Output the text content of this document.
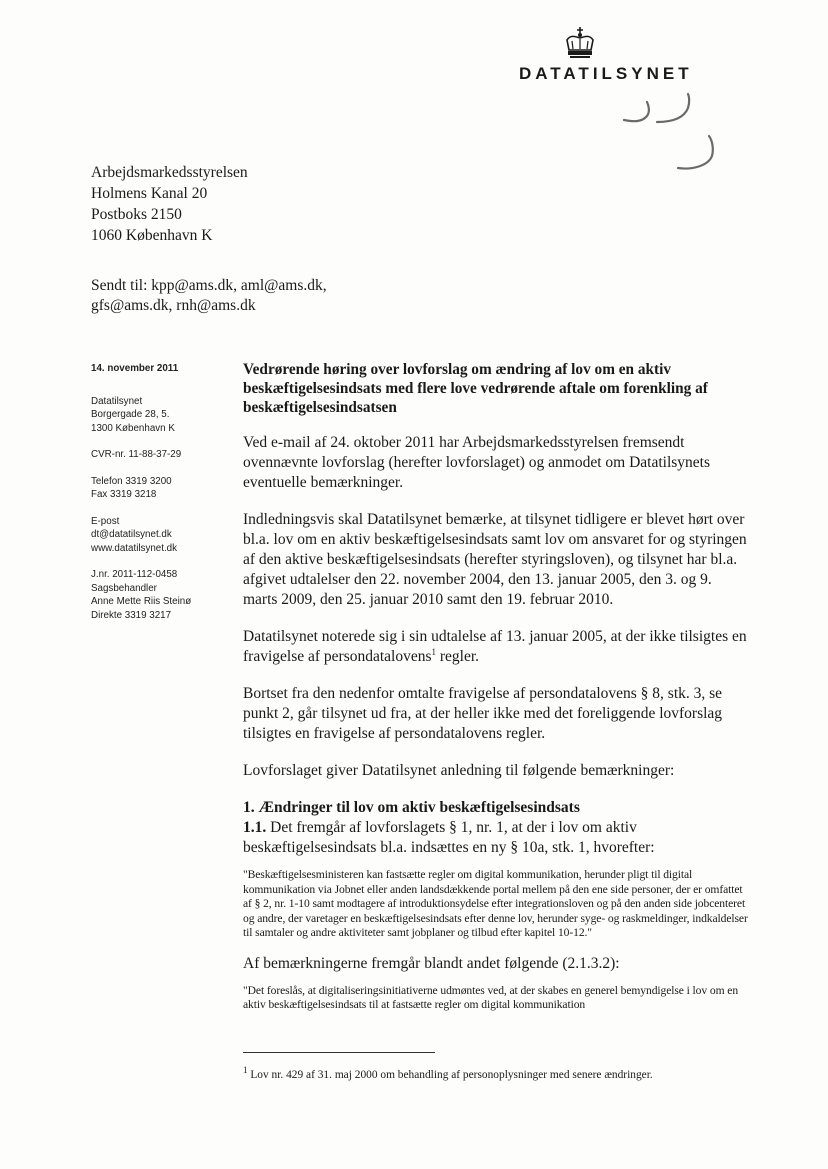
DATATILSYNET
Arbejdsmarkedsstyrelsen
Holmens Kanal 20
Postboks 2150
1060 København K
Sendt til: kpp@ams.dk, aml@ams.dk,
gfs@ams.dk, rnh@ams.dk
14. november 2011
Datatilsynet
Borgergade 28, 5.
1300 København K
CVR-nr. 11-88-37-29
Telefon 3319 3200
Fax 3319 3218
E-post
dt@datatilsynet.dk
www.datatilsynet.dk
J.nr. 2011-112-0458
Sagsbehandler
Anne Mette Riis Steinø
Direkte 3319 3217

Vedrørende høring over lovforslag om ændring af lov om en aktiv beskæftigelsesindsats med flere love vedrørende aftale om forenkling af beskæftigelsesindsatsen

Ved e-mail af 24. oktober 2011 har Arbejdsmarkedsstyrelsen fremsendt ovennævnte lovforslag (herefter lovforslaget) og anmodet om Datatilsynets eventuelle bemærkninger.

Indledningsvis skal Datatilsynet bemærke, at tilsynet tidligere er blevet hørt over bl.a. lov om en aktiv beskæftigelsesindsats samt lov om ansvaret for og styringen af den aktive beskæftigelsesindsats (herefter styringsloven), og tilsynet har bl.a. afgivet udtalelser den 22. november 2004, den 13. januar 2005, den 3. og 9. marts 2009, den 25. januar 2010 samt den 19. februar 2010.

Datatilsynet noterede sig i sin udtalelse af 13. januar 2005, at der ikke tilsigtes en fravigelse af persondatalovens$^1$ regler.

Bortset fra den nedenfor omtalte fravigelse af persondatalovens § 8, stk. 3, se punkt 2, går tilsynet ud fra, at der heller ikke med det foreliggende lovforslag tilsigtes en fravigelse af persondatalovens regler.

Lovforslaget giver Datatilsynet anledning til følgende bemærkninger:

1. Ændringer til lov om aktiv beskæftigelsesindsats

1.1. Det fremgår af lovforslagets § 1, nr. 1, at der i lov om aktiv beskæftigelsesindsats bl.a. indsættes en ny § 10a, stk. 1, hvorefter:

"Beskæftigelsesministeren kan fastsætte regler om digital kommunikation, herunder pligt til digital kommunikation via Jobnet eller anden landsdækkende portal mellem på den ene side personer, der er omfattet af § 2, nr. 1-10 samt modtagere af introduktionsydelse efter integrationsloven og på den anden side jobcenteret og andre, der varetager en beskæftigelsesindsats efter denne lov, herunder syge- og raskmeldinger, indkaldelser til samtaler og andre aktiviteter samt jobplaner og tilbud efter kapitel 10-12."

Af bemærkningerne fremgår blandt andet følgende (2.1.3.2):

"Det foreslås, at digitaliseringsinitiativerne udmøntes ved, at der skabes en generel bemyndigelse i lov om en aktiv beskæftigelsesindsats til at fastsætte regler om digital kommunikation

$^1$ Lov nr. 429 af 31. maj 2000 om behandling af personoplysninger med senere ændringer.
